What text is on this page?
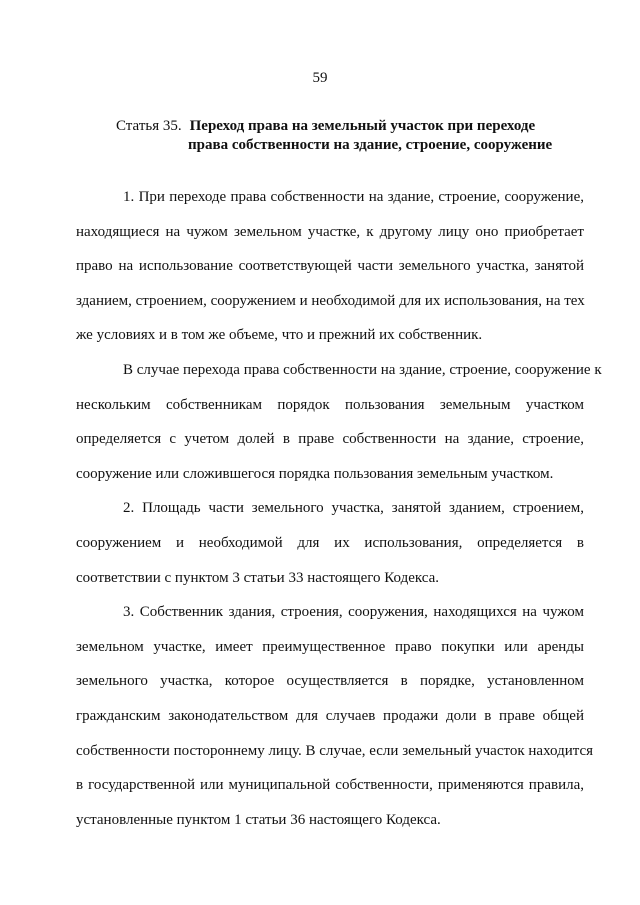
59
Статья 35. Переход права на земельный участок при переходе
права собственности на здание, строение, сооружение
1. При переходе права собственности на здание, строение, сооружение,
находящиеся на чужом земельном участке, к другому лицу оно приобретает
право на использование соответствующей части земельного участка, занятой
зданием, строением, сооружением и необходимой для их использования, на тех
же условиях и в том же объеме, что и прежний их собственник.
В случае перехода права собственности на здание, строение, сооружение к
нескольким собственникам порядок пользования земельным участком
определяется с учетом долей в праве собственности на здание, строение,
сооружение или сложившегося порядка пользования земельным участком.
2. Площадь части земельного участка, занятой зданием, строением,
сооружением и необходимой для их использования, определяется в
соответствии с пунктом 3 статьи 33 настоящего Кодекса.
3. Собственник здания, строения, сооружения, находящихся на чужом
земельном участке, имеет преимущественное право покупки или аренды
земельного участка, которое осуществляется в порядке, установленном
гражданским законодательством для случаев продажи доли в праве общей
собственности постороннему лицу. В случае, если земельный участок находится
в государственной или муниципальной собственности, применяются правила,
установленные пунктом 1 статьи 36 настоящего Кодекса.
